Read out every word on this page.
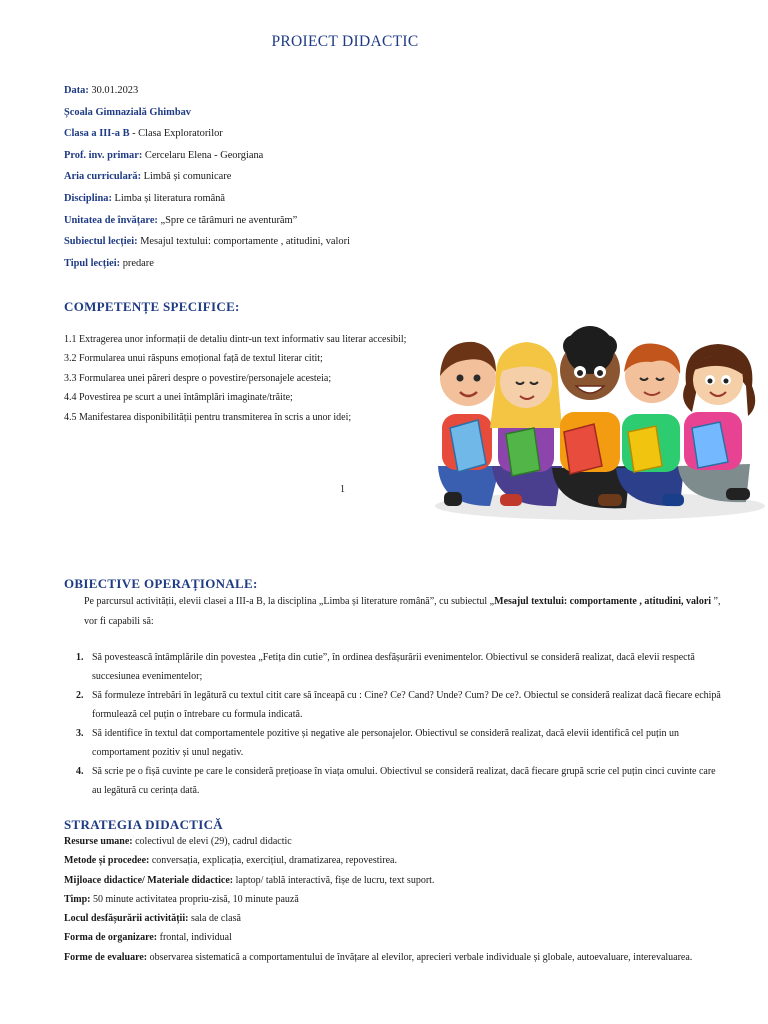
PROIECT DIDACTIC
Data: 30.01.2023
Școala Gimnazială Ghimbav
Clasa a III-a B - Clasa Exploratorilor
Prof. inv. primar: Cercelaru Elena - Georgiana
Aria curriculară: Limbă și comunicare
Disciplina: Limba și literatura română
Unitatea de învățare: „Spre ce tărâmuri ne aventurăm”
Subiectul lecției: Mesajul textului: comportamente , atitudini, valori
Tipul lecției: predare
COMPETENȚE SPECIFICE:
1.1 Extragerea unor informații de detaliu dintr-un text informativ sau literar accesibil;
3.2 Formularea unui răspuns emoțional față de textul literar citit;
3.3 Formularea unei păreri despre o povestire/personajele acesteia;
4.4 Povestirea pe scurt a unei întâmplări imaginate/trăite;
4.5 Manifestarea disponibilității pentru transmiterea în scris a unor idei;
1
OBIECTIVE OPERAȚIONALE:
Pe parcursul activității, elevii clasei a III-a B, la disciplina „Limba și literature română”, cu subiectul „Mesajul textului: comportamente , atitudini, valori ”, vor fi capabili să:
1. Să povestească întâmplările din povestea „Fetița din cutie”, în ordinea desfășurării evenimentelor. Obiectivul se consideră realizat, dacă elevii respectă succesiunea evenimentelor;
2. Să formuleze întrebări în legătură cu textul citit care să înceapă cu : Cine? Ce? Cand? Unde? Cum? De ce?. Obiectul se consideră realizat dacă fiecare echipă formulează cel puțin o întrebare cu formula indicată.
3. Să identifice în textul dat comportamentele pozitive și negative ale personajelor. Obiectivul se consideră realizat, dacă elevii identifică cel puțin un comportament pozitiv și unul negativ.
4. Să scrie pe o fișă cuvinte pe care le consideră prețioase în viața omului. Obiectivul se consideră realizat, dacă fiecare grupă scrie cel puțin cinci cuvinte care au legătură cu cerința dată.
STRATEGIA DIDACTICĂ
Resurse umane: colectivul de elevi (29), cadrul didactic
Metode și procedee: conversația, explicația, exercițiul, dramatizarea, repovestirea.
Mijloace didactice/ Materiale didactice: laptop/ tablă interactivă, fișe de lucru, text suport.
Timp: 50 minute activitatea propriu-zisă, 10 minute pauză
Locul desfășurării activității: sala de clasă
Forma de organizare: frontal, individual
Forme de evaluare: observarea sistematică a comportamentului de învățare al elevilor, aprecieri verbale individuale și globale, autoevaluare, interevaluarea.
